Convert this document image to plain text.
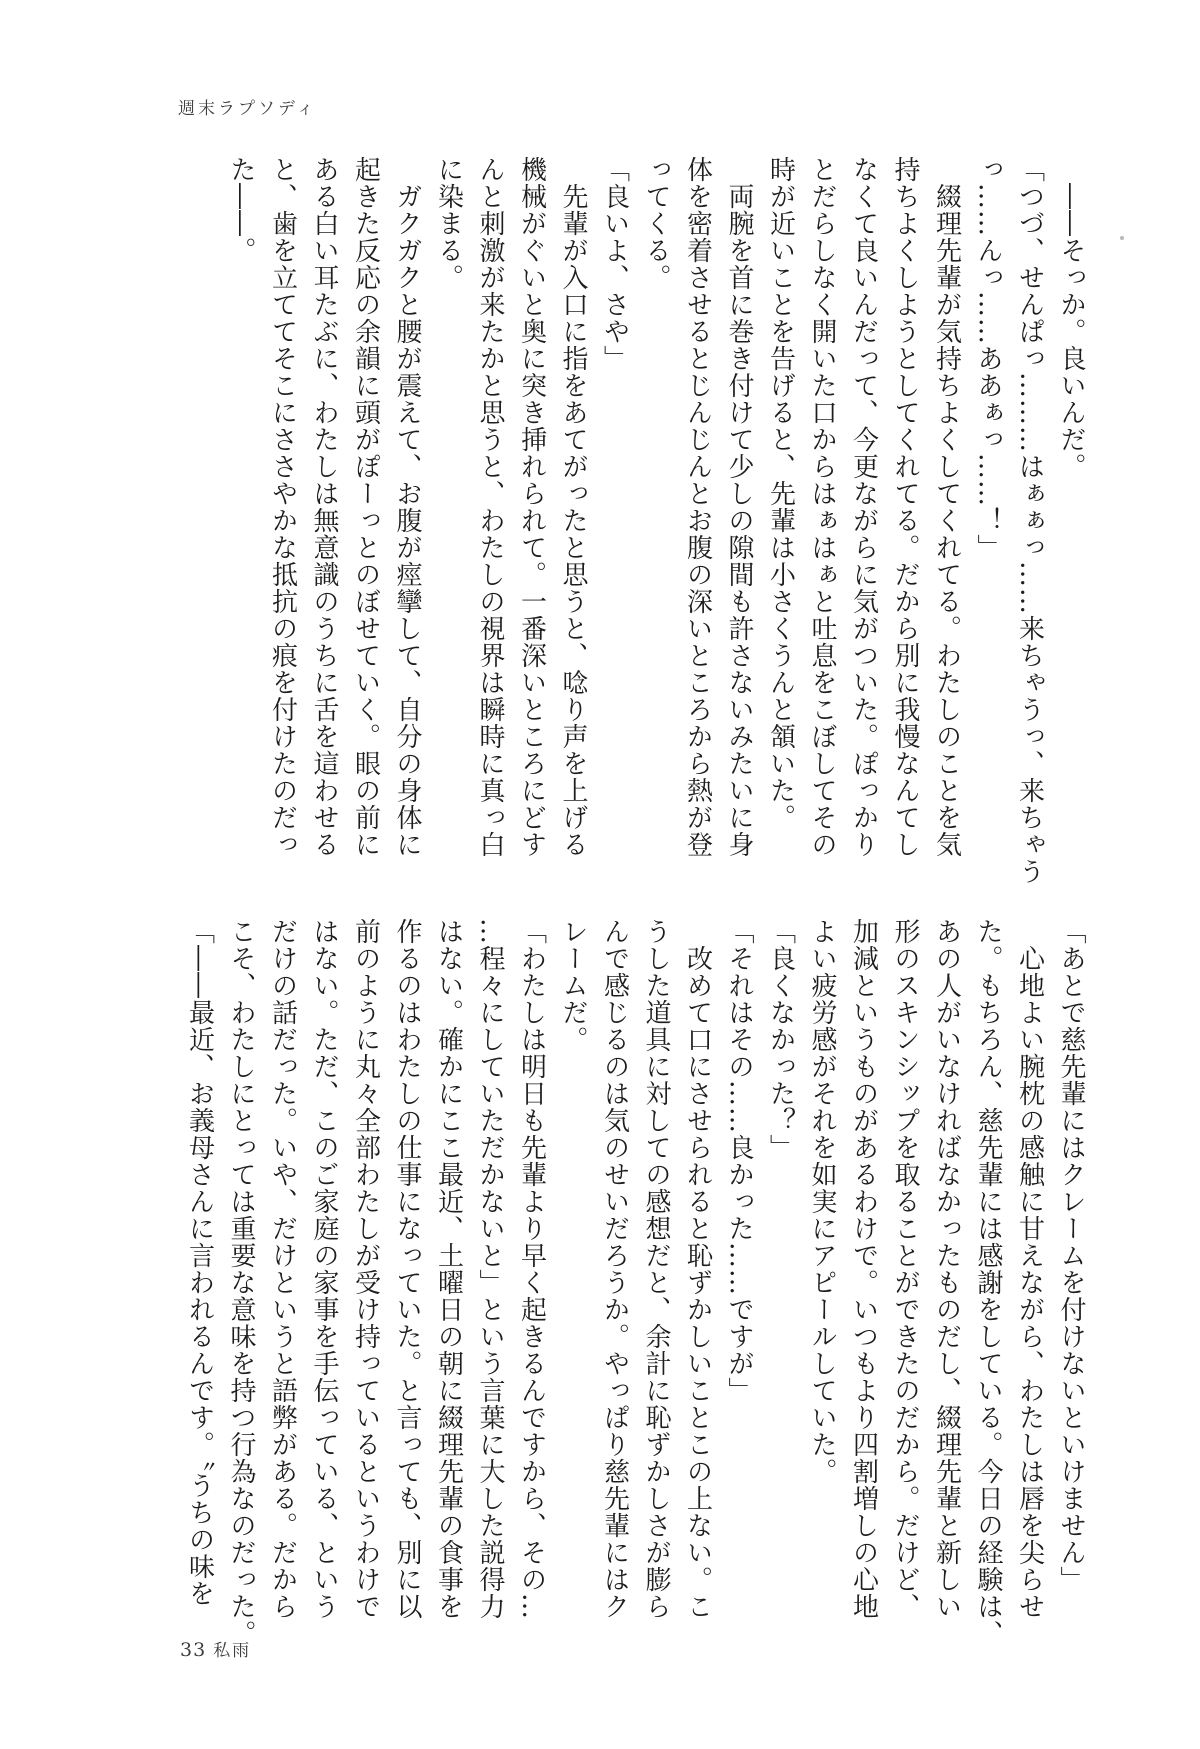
週末ラプソディ
　――そっか。良いんだ。
「つづ、せんぱっ………はぁぁっ……来ちゃうっ、来ちゃう
っ……んっ……ああぁっ……！」
　綴理先輩が気持ちよくしてくれてる。わたしのことを気
持ちよくしようとしてくれてる。だから別に我慢なんてし
なくて良いんだって、今更ながらに気がついた。ぽっかり
とだらしなく開いた口からはぁはぁと吐息をこぼしてその
時が近いことを告げると、先輩は小さくうんと頷いた。
　両腕を首に巻き付けて少しの隙間も許さないみたいに身
体を密着させるとじんじんとお腹の深いところから熱が登
ってくる。
「良いよ、さや」
　先輩が入口に指をあてがったと思うと、唸り声を上げる
機械がぐいと奥に突き挿れられて。一番深いところにどす
んと刺激が来たかと思うと、わたしの視界は瞬時に真っ白
に染まる。
　ガクガクと腰が震えて、お腹が痙攣して、自分の身体に
起きた反応の余韻に頭がぽーっとのぼせていく。眼の前に
ある白い耳たぶに、わたしは無意識のうちに舌を這わせる
と、歯を立ててそこにささやかな抵抗の痕を付けたのだっ
た――。
「あとで慈先輩にはクレームを付けないといけません」
　心地よい腕枕の感触に甘えながら、わたしは唇を尖らせ
た。もちろん、慈先輩には感謝をしている。今日の経験は、
あの人がいなければなかったものだし、綴理先輩と新しい
形のスキンシップを取ることができたのだから。だけど、
加減というものがあるわけで。いつもより四割増しの心地
よい疲労感がそれを如実にアピールしていた。
「良くなかった？」
「それはその……良かった……ですが」
　改めて口にさせられると恥ずかしいことこの上ない。こ
うした道具に対しての感想だと、余計に恥ずかしさが膨ら
んで感じるのは気のせいだろうか。やっぱり慈先輩にはク
レームだ。
「わたしは明日も先輩より早く起きるんですから、その…
…程々にしていただかないと」という言葉に大した説得力
はない。確かにここ最近、土曜日の朝に綴理先輩の食事を
作るのはわたしの仕事になっていた。と言っても、別に以
前のように丸々全部わたしが受け持っているというわけで
はない。ただ、このご家庭の家事を手伝っている、という
だけの話だった。いや、だけというと語弊がある。だから
こそ、わたしにとっては重要な意味を持つ行為なのだった。
「――最近、お義母さんに言われるんです。〝うちの味を
33 私雨
